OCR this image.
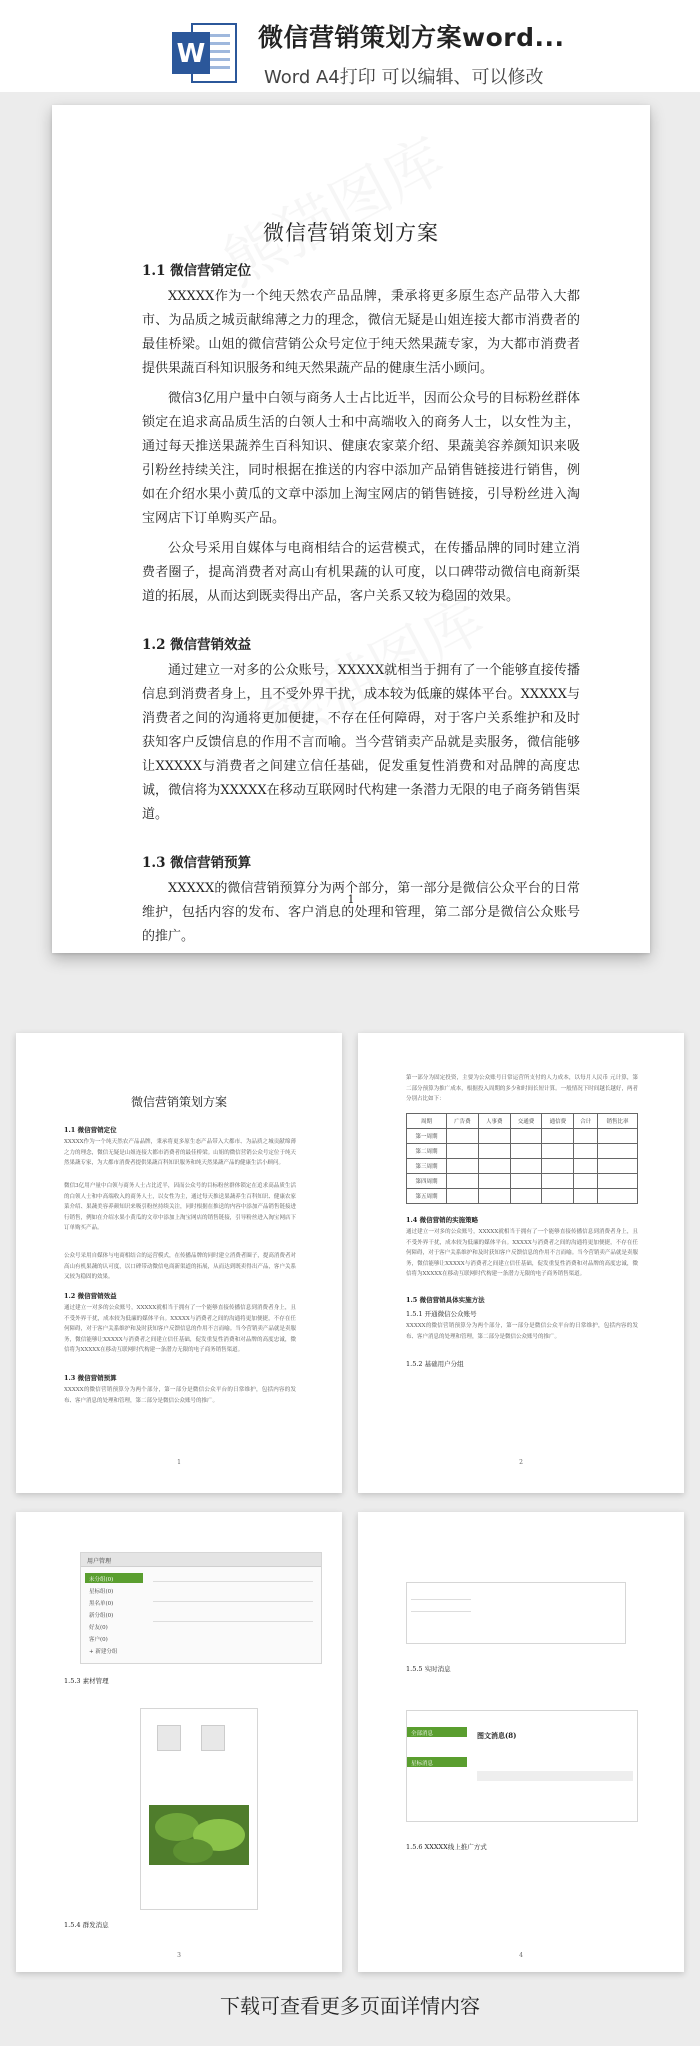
W
微信营销策划方案word...
Word A4打印 可以编辑、可以修改
微信营销策划方案
1.1 微信营销定位

XXXXX作为一个纯天然农产品品牌，秉承将更多原生态产品带入大都市、为品质之城贡献绵薄之力的理念，微信无疑是山姐连接大都市消费者的最佳桥梁。山姐的微信营销公众号定位于纯天然果蔬专家，为大都市消费者提供果蔬百科知识服务和纯天然果蔬产品的健康生活小顾问。

微信3亿用户量中白领与商务人士占比近半，因而公众号的目标粉丝群体锁定在追求高品质生活的白领人士和中高端收入的商务人士，以女性为主，通过每天推送果蔬养生百科知识、健康农家菜介绍、果蔬美容养颜知识来吸引粉丝持续关注，同时根据在推送的内容中添加产品销售链接进行销售，例如在介绍水果小黄瓜的文章中添加上淘宝网店的销售链接，引导粉丝进入淘宝网店下订单购买产品。

公众号采用自媒体与电商相结合的运营模式，在传播品牌的同时建立消费者圈子，提高消费者对高山有机果蔬的认可度，以口碑带动微信电商新渠道的拓展，从而达到既卖得出产品，客户关系又较为稳固的效果。

1.2 微信营销效益

通过建立一对多的公众账号，XXXXX就相当于拥有了一个能够直接传播信息到消费者身上，且不受外界干扰，成本较为低廉的媒体平台。XXXXX与消费者之间的沟通将更加便捷，不存在任何障碍，对于客户关系维护和及时获知客户反馈信息的作用不言而喻。当今营销卖产品就是卖服务，微信能够让XXXXX与消费者之间建立信任基础，促发重复性消费和对品牌的高度忠诚，微信将为XXXXX在移动互联网时代构建一条潜力无限的电子商务销售渠道。

1.3 微信营销预算

XXXXX的微信营销预算分为两个部分，第一部分是微信公众平台的日常维护，包括内容的发布、客户消息的处理和管理，第二部分是微信公众账号的推广。

1
微信营销策划方案
1.1 微信营销定位
XXXXX作为一个纯天然农产品品牌，秉承将更多原生态产品带入大都市、为品质之城贡献绵薄之力的理念，微信无疑是山姐连接大都市消费者的最佳桥梁。山姐的微信营销公众号定位于纯天然果蔬专家，为大都市消费者提供果蔬百科知识服务和纯天然果蔬产品的健康生活小顾问。
微信3亿用户量中白领与商务人士占比近半，因而公众号的目标粉丝群体锁定在追求高品质生活的白领人士和中高端收入的商务人士，以女性为主，通过每天推送果蔬养生百科知识、健康农家菜介绍、果蔬美容养颜知识来吸引粉丝持续关注，同时根据在推送的内容中添加产品销售链接进行销售，例如在介绍水果小黄瓜的文章中添加上淘宝网店的销售链接，引导粉丝进入淘宝网店下订单购买产品。
公众号采用自媒体与电商相结合的运营模式，在传播品牌的同时建立消费者圈子，提高消费者对高山有机果蔬的认可度，以口碑带动微信电商新渠道的拓展，从而达到既卖得出产品，客户关系又较为稳固的效果。
1.2 微信营销效益
通过建立一对多的公众账号，XXXXX就相当于拥有了一个能够直接传播信息到消费者身上，且不受外界干扰，成本较为低廉的媒体平台。XXXXX与消费者之间的沟通将更加便捷，不存在任何障碍，对于客户关系维护和及时获知客户反馈信息的作用不言而喻。当今营销卖产品就是卖服务，微信能够让XXXXX与消费者之间建立信任基础，促发重复性消费和对品牌的高度忠诚，微信将为XXXXX在移动互联网时代构建一条潜力无限的电子商务销售渠道。
1.3 微信营销预算
XXXXX的微信营销预算分为两个部分，第一部分是微信公众平台的日常维护，包括内容的发布、客户消息的处理和管理，第二部分是微信公众账号的推广。
1
第一部分为固定投资，主要为公众账号日常运营所支付的人力成本，以每月人民币 元计算，第二部分预算为推广成本，根据投入周期的多少和时间长短计算。一般情况下时间越长越好，两者分别占比如下：
周期	广告费	人事费	交通费	通信费	合计	销售比率
第一周期						
第二周期						
第三周期						
第四周期						
第五周期						
1.4 微信营销的实施策略
通过建立一对多的公众账号，XXXXX就相当于拥有了一个能够直接传播信息到消费者身上，且不受外界干扰，成本较为低廉的媒体平台。XXXXX与消费者之间的沟通将更加便捷，不存在任何障碍，对于客户关系维护和及时获知客户反馈信息的作用不言而喻。当今营销卖产品就是卖服务，微信能够让XXXXX与消费者之间建立信任基础，促发重复性消费和对品牌的高度忠诚，微信将为XXXXX在移动互联网时代构建一条潜力无限的电子商务销售渠道。
1.5 微信营销具体实施方法
1.5.1 开通微信公众账号
XXXXX的微信营销预算分为两个部分，第一部分是微信公众平台的日常维护，包括内容的发布、客户消息的处理和管理，第二部分是微信公众账号的推广。
1.5.2 基础用户分组
2
用户管理
未分组(0)
星标组(0)
黑名单(0)
新分组(0)
好友(0)
客户(0)
+ 新建分组
1.5.3 素材管理
1.5.4 群发消息
3
1.5.5 实时消息
全部消息
星标消息
图文消息(8)
1.5.6 XXXXX线上推广方式
4
下载可查看更多页面详情内容
